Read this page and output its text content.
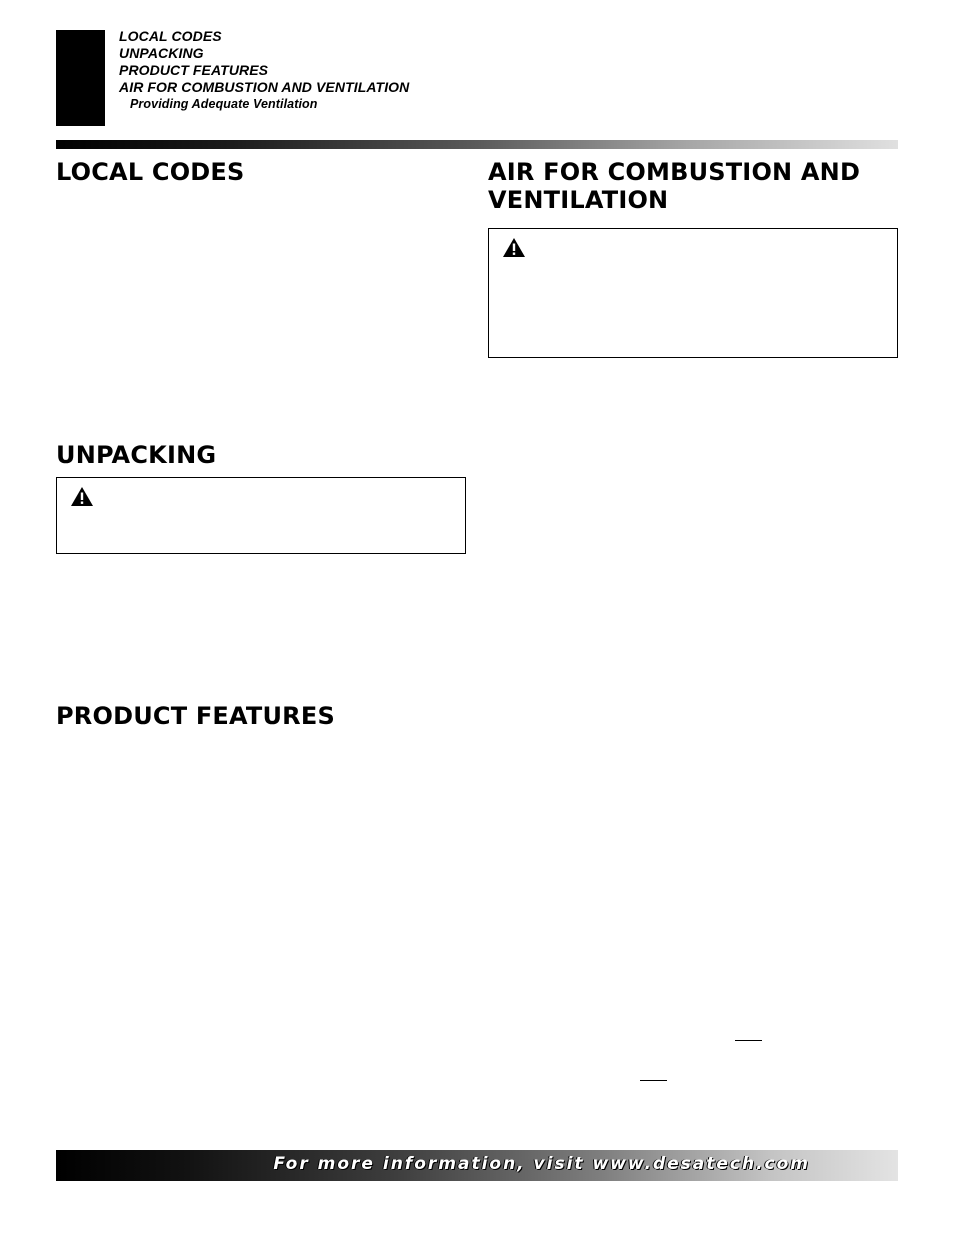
LOCAL CODES
UNPACKING
PRODUCT FEATURES
AIR FOR COMBUSTION AND VENTILATION
Providing Adequate Ventilation
LOCAL CODES
UNPACKING
PRODUCT FEATURES
AIR FOR COMBUSTION AND
VENTILATION
For more information, visit www.desatech.com
